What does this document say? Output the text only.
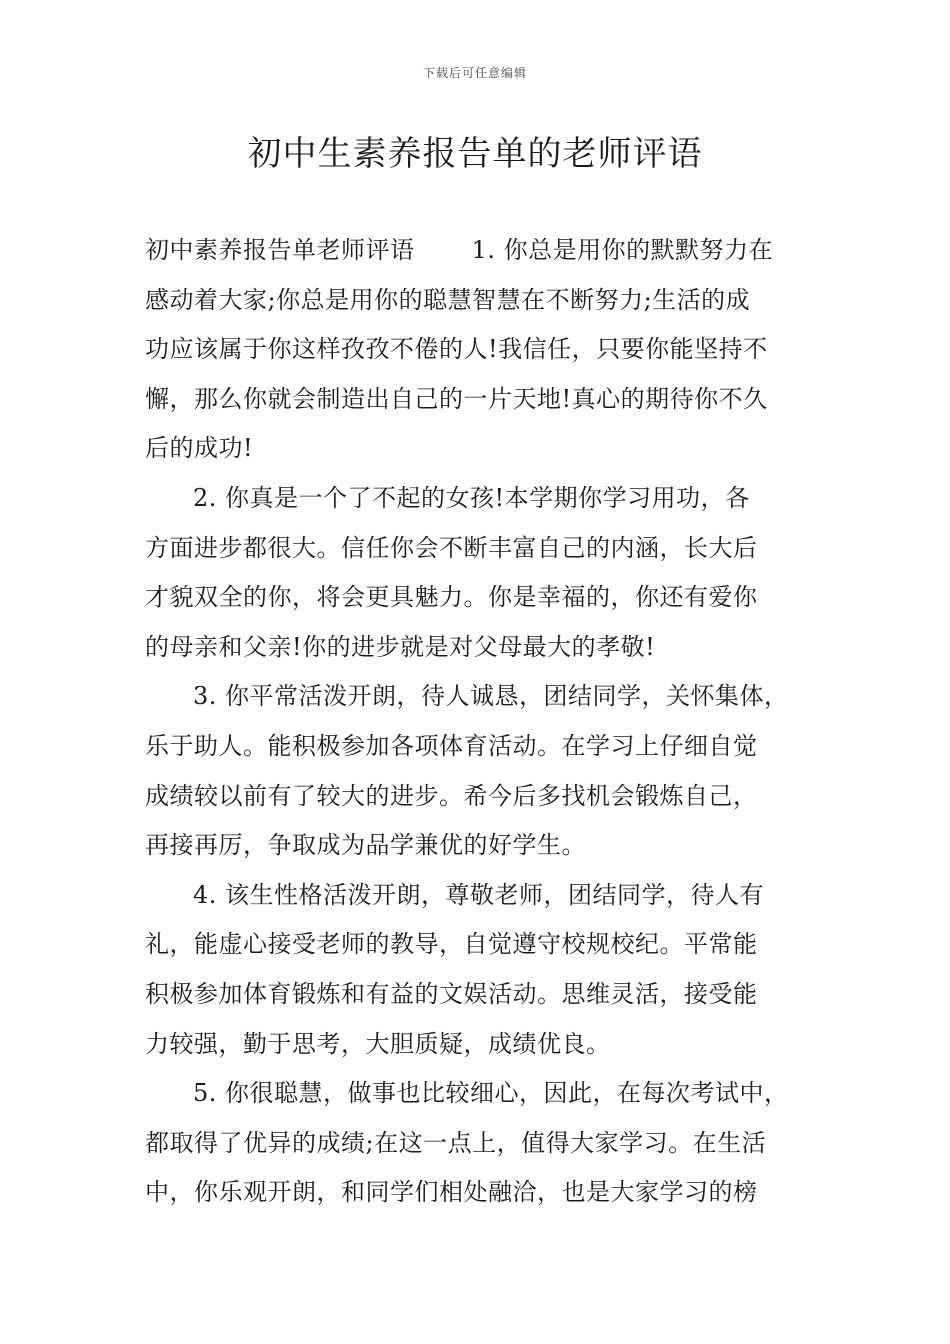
下载后可任意编辑
初中生素养报告单的老师评语
初中素养报告单老师评语　　 1. 你总是用你的默默努力在
感动着大家;你总是用你的聪慧智慧在不断努力;生活的成
功应该属于你这样孜孜不倦的人!我信任，只要你能坚持不
懈，那么你就会制造出自己的一片天地!真心的期待你不久
后的成功!
2. 你真是一个了不起的女孩!本学期你学习用功，各
方面进步都很大。信任你会不断丰富自己的内涵，长大后
才貌双全的你，将会更具魅力。你是幸福的，你还有爱你
的母亲和父亲!你的进步就是对父母最大的孝敬!
3. 你平常活泼开朗，待人诚恳，团结同学，关怀集体，
乐于助人。能积极参加各项体育活动。在学习上仔细自觉
成绩较以前有了较大的进步。希今后多找机会锻炼自己，
再接再厉，争取成为品学兼优的好学生。
4. 该生性格活泼开朗，尊敬老师，团结同学，待人有
礼，能虚心接受老师的教导，自觉遵守校规校纪。平常能
积极参加体育锻炼和有益的文娱活动。思维灵活，接受能
力较强，勤于思考，大胆质疑，成绩优良。
5. 你很聪慧，做事也比较细心，因此，在每次考试中，
都取得了优异的成绩;在这一点上，值得大家学习。在生活
中，你乐观开朗，和同学们相处融洽，也是大家学习的榜
